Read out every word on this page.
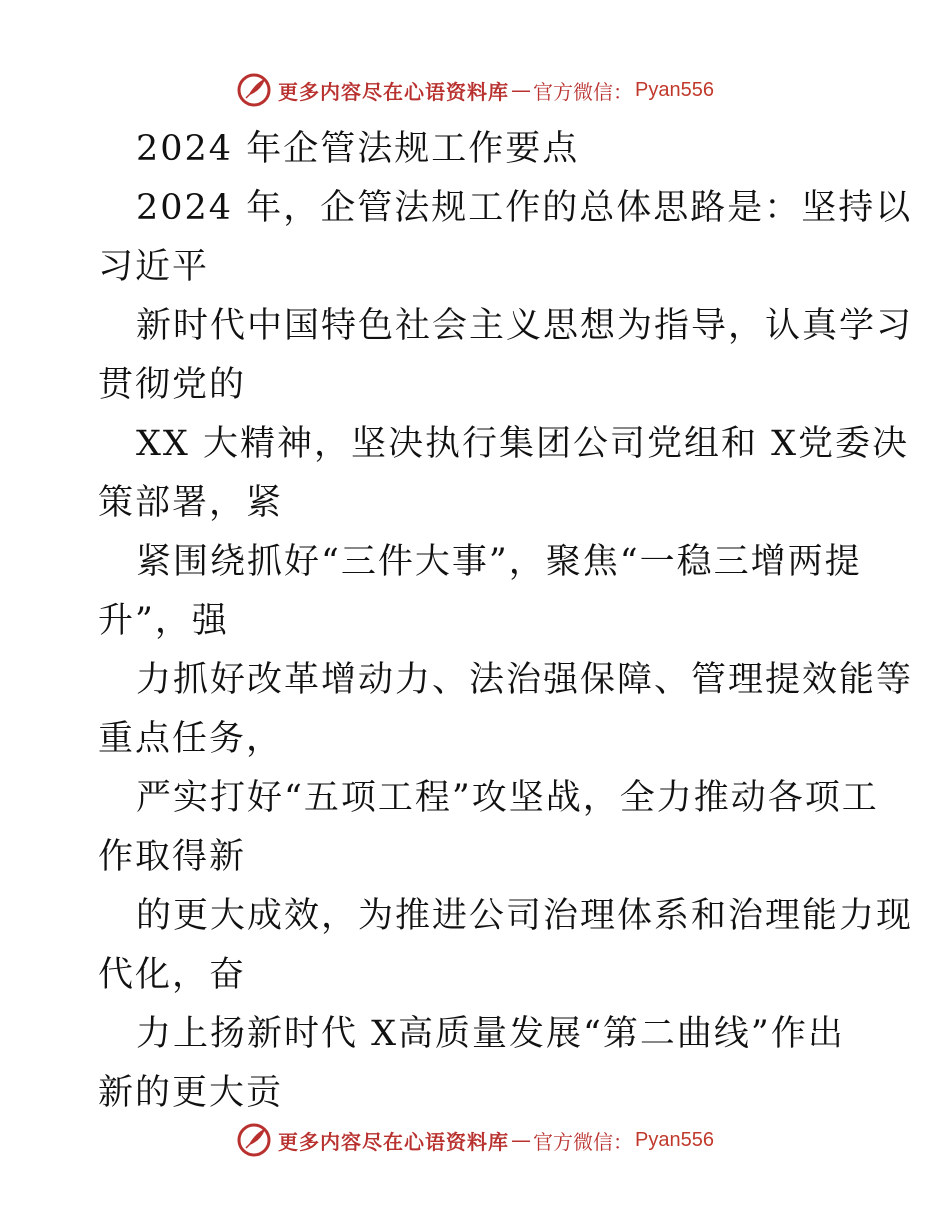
更多内容尽在心语资料库 — 官方微信： Pyan556
2024 年企管法规工作要点
2024 年，企管法规工作的总体思路是：坚持以
习近平
新时代中国特色社会主义思想为指导，认真学习
贯彻党的
XX 大精神，坚决执行集团公司党组和 X党委决
策部署，紧
紧围绕抓好“三件大事”，聚焦“一稳三增两提
升”，强
力抓好改革增动力、法治强保障、管理提效能等
重点任务，
严实打好“五项工程”攻坚战，全力推动各项工
作取得新
的更大成效，为推进公司治理体系和治理能力现
代化，奋
力上扬新时代 X高质量发展“第二曲线”作出
新的更大贡
更多内容尽在心语资料库 — 官方微信： Pyan556
